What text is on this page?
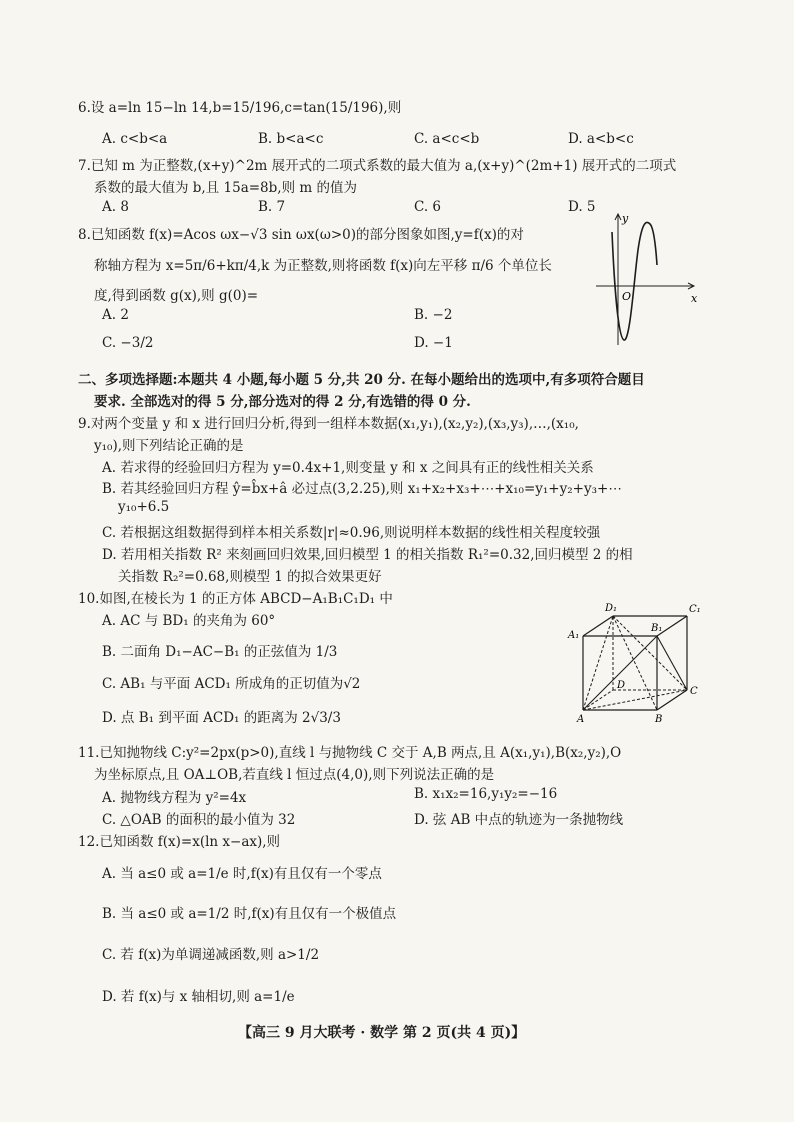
6.设 a=ln 15−ln 14,b=15/196,c=tan(15/196),则
A. c<b<a	B. b<a<c	C. a<c<b	D. a<b<c
7.已知 m 为正整数,(x+y)^2m 展开式的二项式系数的最大值为 a,(x+y)^(2m+1) 展开式的二项式
系数的最大值为 b,且 15a=8b,则 m 的值为
A. 8	B. 7	C. 6	D. 5
8.已知函数 f(x)=Acos ωx−√3 sin ωx(ω>0)的部分图象如图,y=f(x)的对
称轴方程为 x=5π/6+kπ/4,k 为正整数,则将函数 f(x)向左平移 π/6 个单位长
度,得到函数 g(x),则 g(0)=
A. 2	B. −2
C. −3/2	D. −1
y
x
O
二、多项选择题:本题共 4 小题,每小题 5 分,共 20 分. 在每小题给出的选项中,有多项符合题目
要求. 全部选对的得 5 分,部分选对的得 2 分,有选错的得 0 分.
9.对两个变量 y 和 x 进行回归分析,得到一组样本数据(x₁,y₁),(x₂,y₂),(x₃,y₃),…,(x₁₀,
y₁₀),则下列结论正确的是
A. 若求得的经验回归方程为 y=0.4x+1,则变量 y 和 x 之间具有正的线性相关关系
B. 若其经验回归方程 ŷ=b̂x+â 必过点(3,2.25),则 x₁+x₂+x₃+⋯+x₁₀=y₁+y₂+y₃+⋯
y₁₀+6.5
C. 若根据这组数据得到样本相关系数|r|≈0.96,则说明样本数据的线性相关程度较强
D. 若用相关指数 R² 来刻画回归效果,回归模型 1 的相关指数 R₁²=0.32,回归模型 2 的相
关指数 R₂²=0.68,则模型 1 的拟合效果更好
10.如图,在棱长为 1 的正方体 ABCD−A₁B₁C₁D₁ 中
A. AC 与 BD₁ 的夹角为 60°
B. 二面角 D₁−AC−B₁ 的正弦值为 1/3
C. AB₁ 与平面 ACD₁ 所成角的正切值为√2
D. 点 B₁ 到平面 ACD₁ 的距离为 2√3/3
D₁	C₁
A₁
B₁
D
C
A	B
11.已知抛物线 C:y²=2px(p>0),直线 l 与抛物线 C 交于 A,B 两点,且 A(x₁,y₁),B(x₂,y₂),O
为坐标原点,且 OA⊥OB,若直线 l 恒过点(4,0),则下列说法正确的是
A. 抛物线方程为 y²=4x	B. x₁x₂=16,y₁y₂=−16
C. △OAB 的面积的最小值为 32	D. 弦 AB 中点的轨迹为一条抛物线
12.已知函数 f(x)=x(ln x−ax),则
A. 当 a≤0 或 a=1/e 时,f(x)有且仅有一个零点
B. 当 a≤0 或 a=1/2 时,f(x)有且仅有一个极值点
C. 若 f(x)为单调递减函数,则 a>1/2
D. 若 f(x)与 x 轴相切,则 a=1/e
【高三 9 月大联考 · 数学 第 2 页(共 4 页)】
